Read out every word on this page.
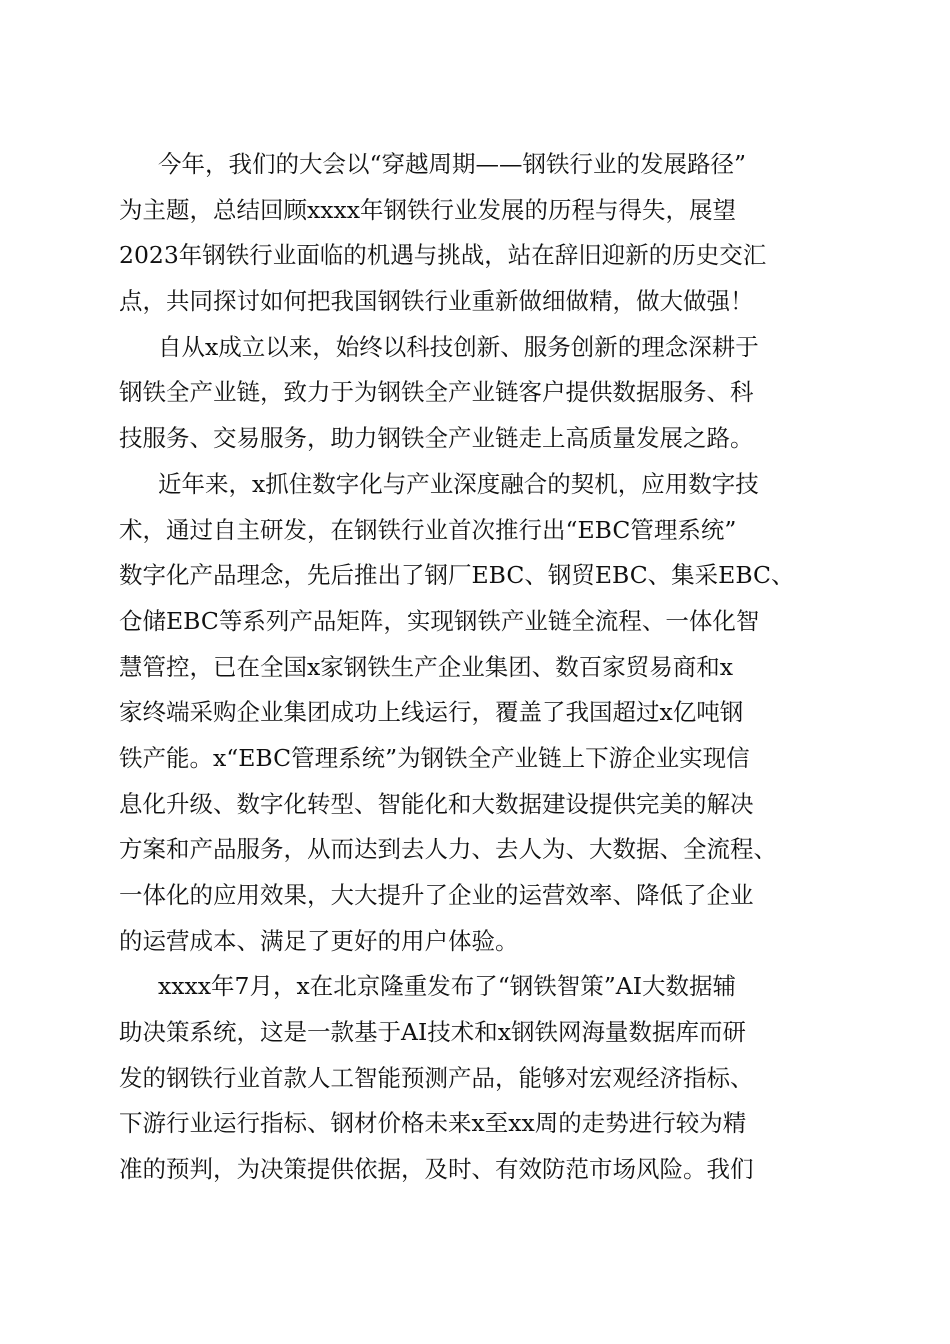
今年，我们的大会以“穿越周期——钢铁行业的发展路径”
为主题，总结回顾xxxx年钢铁行业发展的历程与得失，展望
2023年钢铁行业面临的机遇与挑战，站在辞旧迎新的历史交汇
点，共同探讨如何把我国钢铁行业重新做细做精，做大做强！
自从x成立以来，始终以科技创新、服务创新的理念深耕于
钢铁全产业链，致力于为钢铁全产业链客户提供数据服务、科
技服务、交易服务，助力钢铁全产业链走上高质量发展之路。
近年来，x抓住数字化与产业深度融合的契机，应用数字技
术，通过自主研发，在钢铁行业首次推行出“EBC管理系统”
数字化产品理念，先后推出了钢厂EBC、钢贸EBC、集采EBC、
仓储EBC等系列产品矩阵，实现钢铁产业链全流程、一体化智
慧管控，已在全国x家钢铁生产企业集团、数百家贸易商和x
家终端采购企业集团成功上线运行，覆盖了我国超过x亿吨钢
铁产能。x“EBC管理系统”为钢铁全产业链上下游企业实现信
息化升级、数字化转型、智能化和大数据建设提供完美的解决
方案和产品服务，从而达到去人力、去人为、大数据、全流程、
一体化的应用效果，大大提升了企业的运营效率、降低了企业
的运营成本、满足了更好的用户体验。
xxxx年7月，x在北京隆重发布了“钢铁智策”AI大数据辅
助决策系统，这是一款基于AI技术和x钢铁网海量数据库而研
发的钢铁行业首款人工智能预测产品，能够对宏观经济指标、
下游行业运行指标、钢材价格未来x至xx周的走势进行较为精
准的预判，为决策提供依据，及时、有效防范市场风险。我们
